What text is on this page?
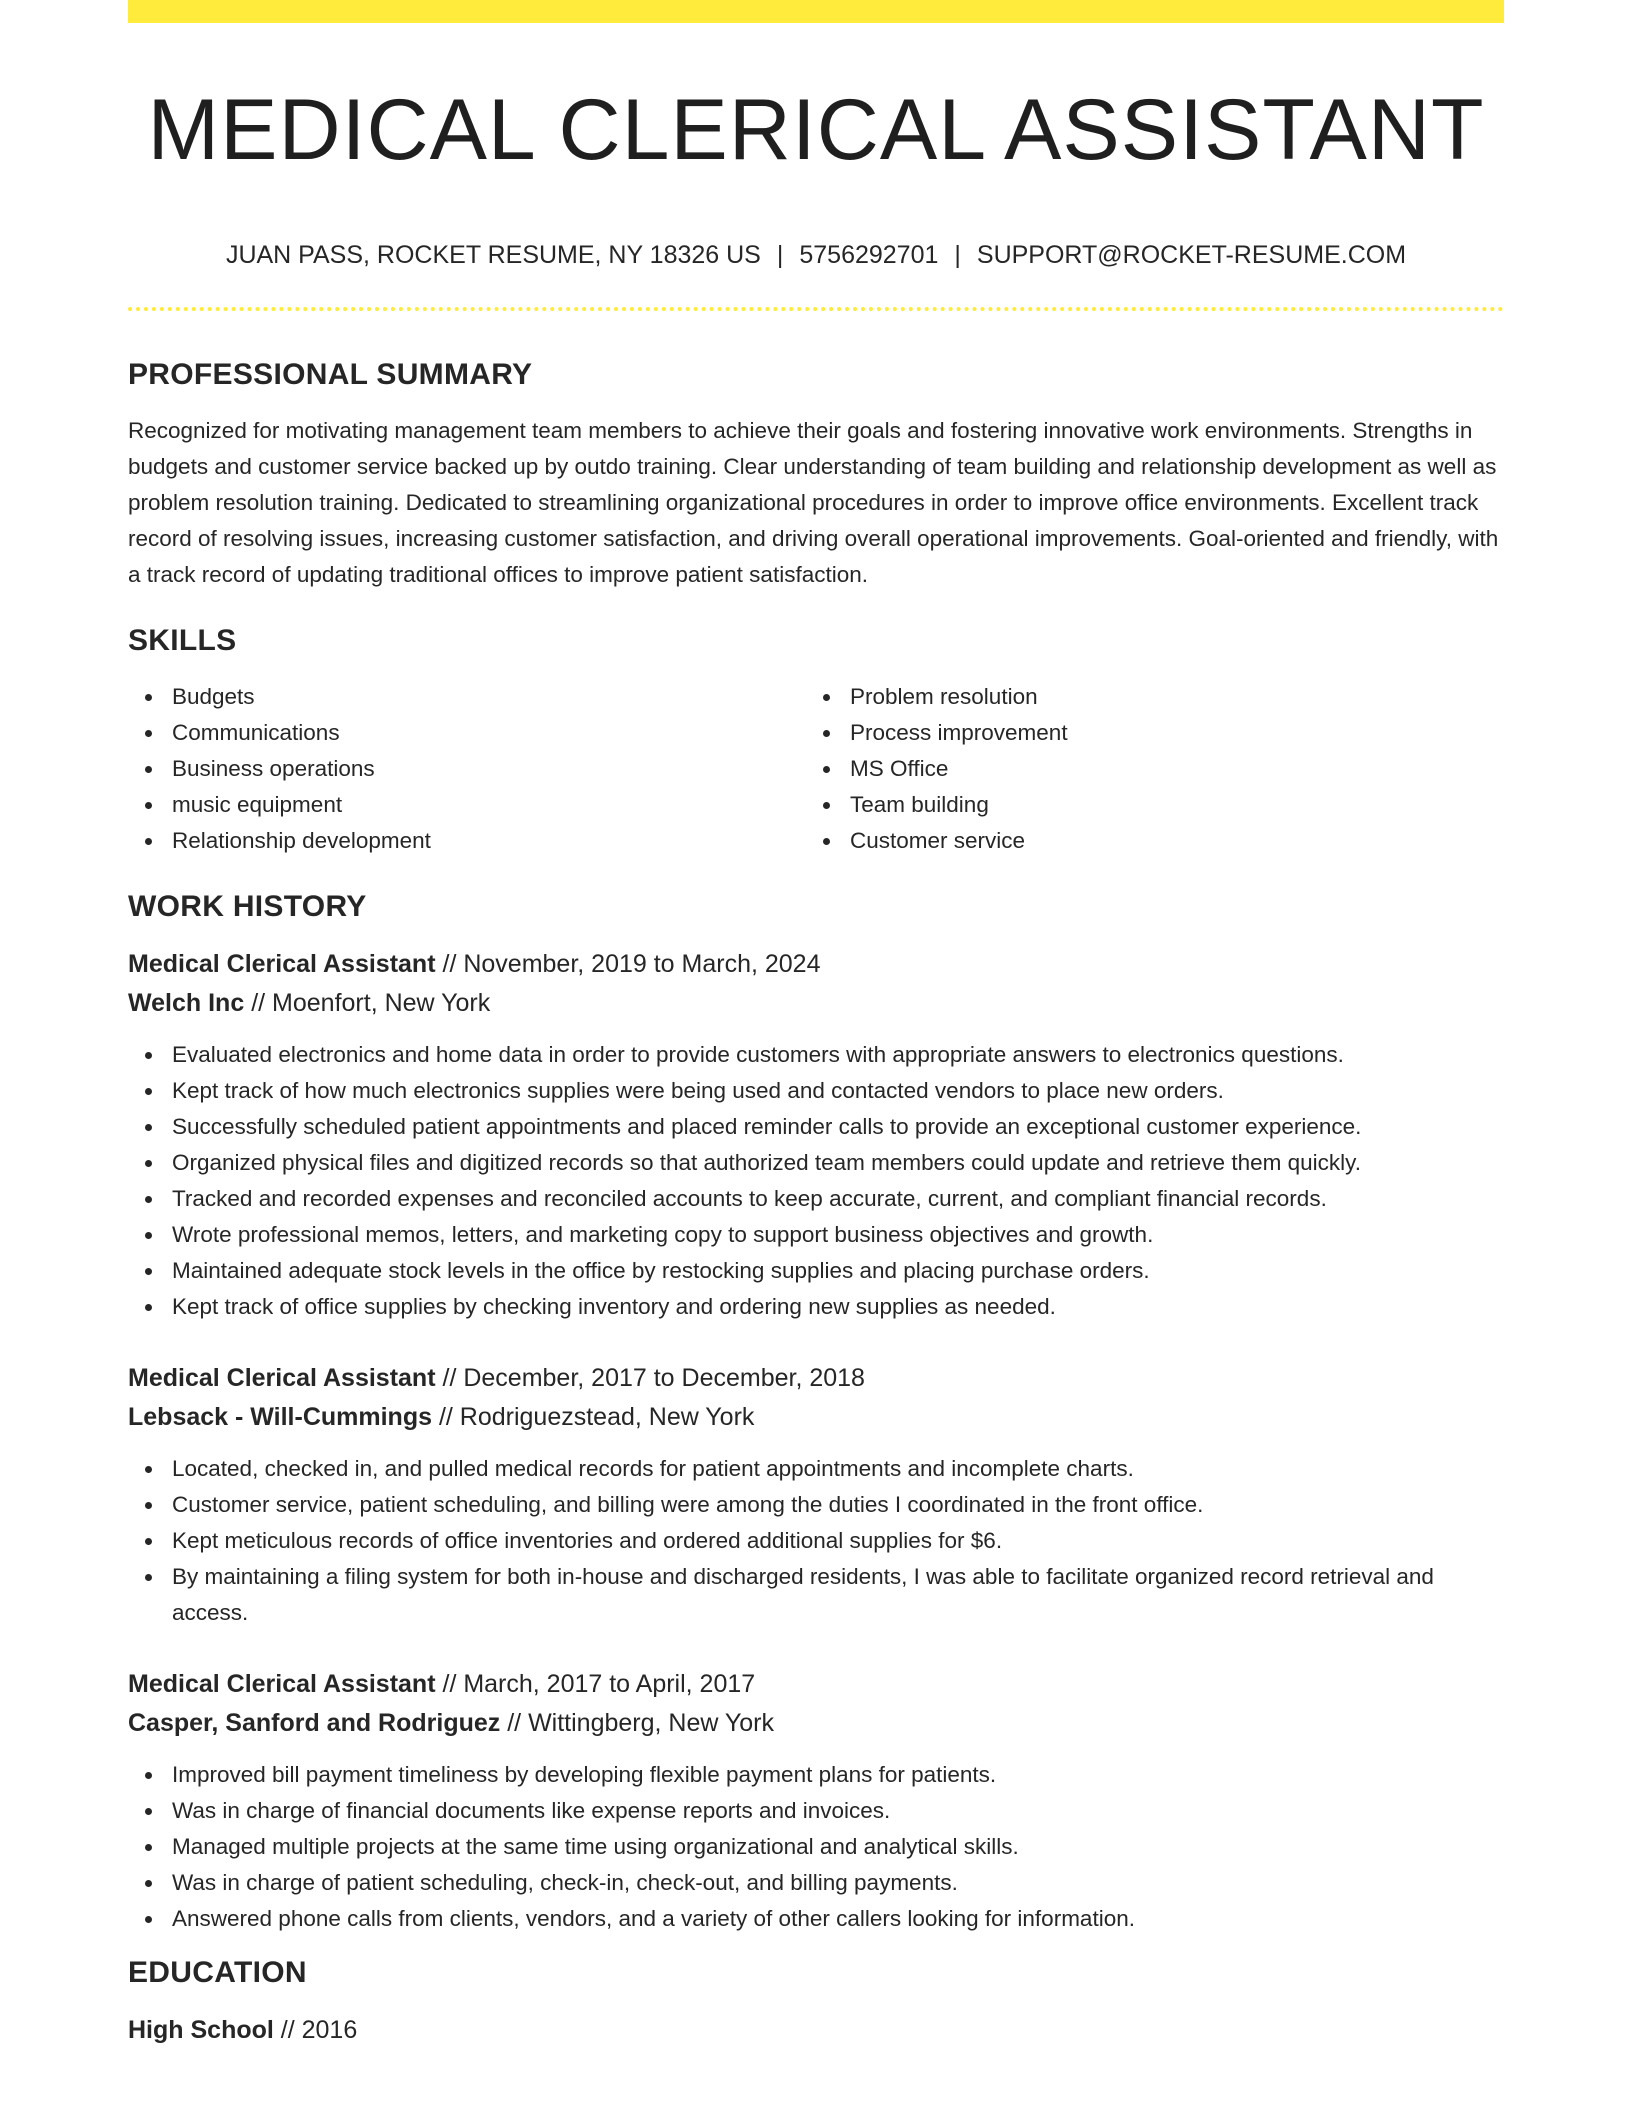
MEDICAL CLERICAL ASSISTANT
JUAN PASS, ROCKET RESUME, NY 18326 US | 5756292701 | SUPPORT@ROCKET-RESUME.COM
PROFESSIONAL SUMMARY

Recognized for motivating management team members to achieve their goals and fostering innovative work environments. Strengths in budgets and customer service backed up by outdo training. Clear understanding of team building and relationship development as well as problem resolution training. Dedicated to streamlining organizational procedures in order to improve office environments. Excellent track record of resolving issues, increasing customer satisfaction, and driving overall operational improvements. Goal-oriented and friendly, with a track record of updating traditional offices to improve patient satisfaction.

SKILLS
Budgets
Communications
Business operations
music equipment
Relationship development
Problem resolution
Process improvement
MS Office
Team building
Customer service
WORK HISTORY
Medical Clerical Assistant // November, 2019 to March, 2024
Welch Inc // Moenfort, New York
Evaluated electronics and home data in order to provide customers with appropriate answers to electronics questions.
Kept track of how much electronics supplies were being used and contacted vendors to place new orders.
Successfully scheduled patient appointments and placed reminder calls to provide an exceptional customer experience.
Organized physical files and digitized records so that authorized team members could update and retrieve them quickly.
Tracked and recorded expenses and reconciled accounts to keep accurate, current, and compliant financial records.
Wrote professional memos, letters, and marketing copy to support business objectives and growth.
Maintained adequate stock levels in the office by restocking supplies and placing purchase orders.
Kept track of office supplies by checking inventory and ordering new supplies as needed.
Medical Clerical Assistant // December, 2017 to December, 2018
Lebsack - Will-Cummings // Rodriguezstead, New York
Located, checked in, and pulled medical records for patient appointments and incomplete charts.
Customer service, patient scheduling, and billing were among the duties I coordinated in the front office.
Kept meticulous records of office inventories and ordered additional supplies for $6.
By maintaining a filing system for both in-house and discharged residents, I was able to facilitate organized record retrieval and access.
Medical Clerical Assistant // March, 2017 to April, 2017
Casper, Sanford and Rodriguez // Wittingberg, New York
Improved bill payment timeliness by developing flexible payment plans for patients.
Was in charge of financial documents like expense reports and invoices.
Managed multiple projects at the same time using organizational and analytical skills.
Was in charge of patient scheduling, check-in, check-out, and billing payments.
Answered phone calls from clients, vendors, and a variety of other callers looking for information.
EDUCATION
High School // 2016
